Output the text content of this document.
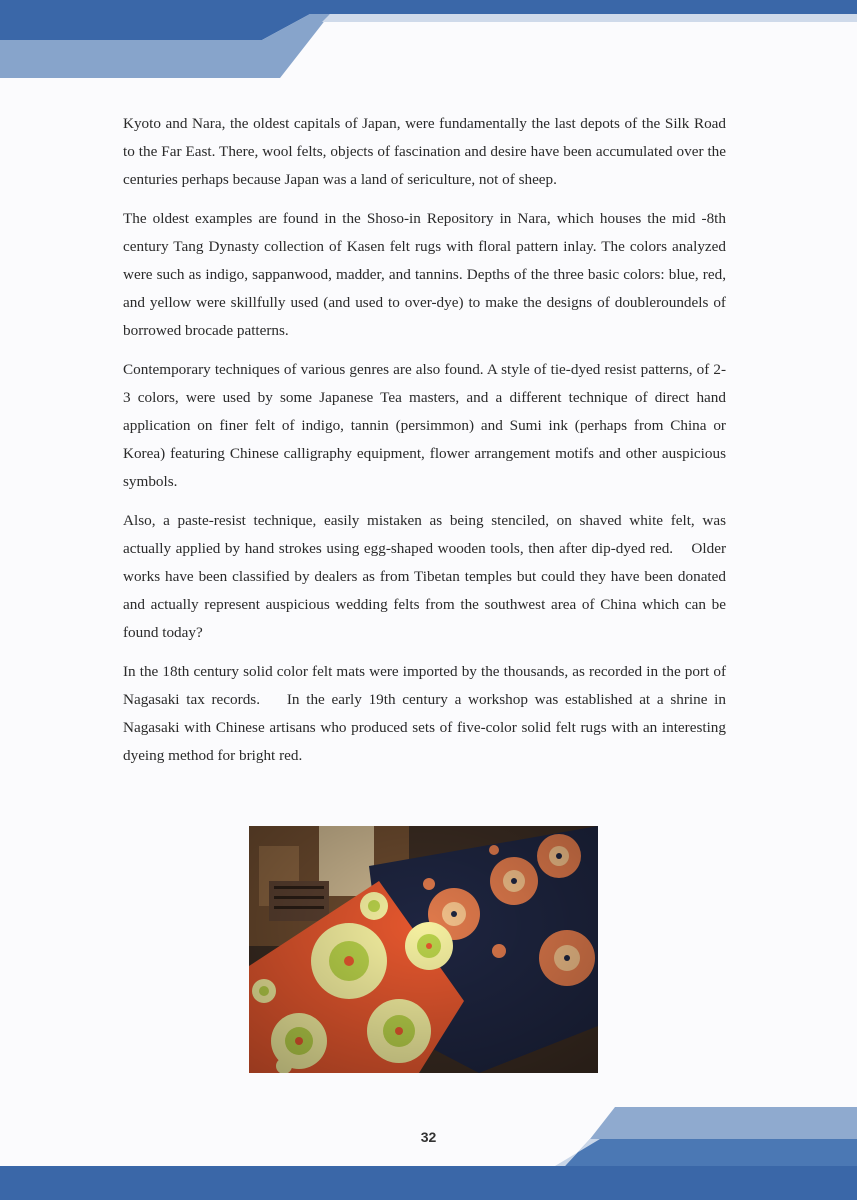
Kyoto and Nara, the oldest capitals of Japan, were fundamentally the last depots of the Silk Road to the Far East. There, wool felts, objects of fascination and desire have been accumulated over the centuries perhaps because Japan was a land of sericulture, not of sheep.

The oldest examples are found in the Shoso-in Repository in Nara, which houses the mid -8th century Tang Dynasty collection of Kasen felt rugs with floral pattern inlay. The colors analyzed were such as indigo, sappanwood, madder, and tannins. Depths of the three basic colors: blue, red, and yellow were skillfully used (and used to over-dye) to make the designs of doubleroundels of borrowed brocade patterns.

Contemporary techniques of various genres are also found. A style of tie-dyed resist patterns, of 2-3 colors, were used by some Japanese Tea masters, and a different technique of direct hand application on finer felt of indigo, tannin (persimmon) and Sumi ink (perhaps from China or Korea) featuring Chinese calligraphy equipment, flower arrangement motifs and other auspicious symbols.

Also, a paste-resist technique, easily mistaken as being stenciled, on shaved white felt, was actually applied by hand strokes using egg-shaped wooden tools, then after dip-dyed red.    Older works have been classified by dealers as from Tibetan temples but could they have been donated and actually represent auspicious wedding felts from the southwest area of China which can be found today?

In the 18th century solid color felt mats were imported by the thousands, as recorded in the port of Nagasaki tax records.    In the early 19th century a workshop was established at a shrine in Nagasaki with Chinese artisans who produced sets of five-color solid felt rugs with an interesting dyeing method for bright red.

32
